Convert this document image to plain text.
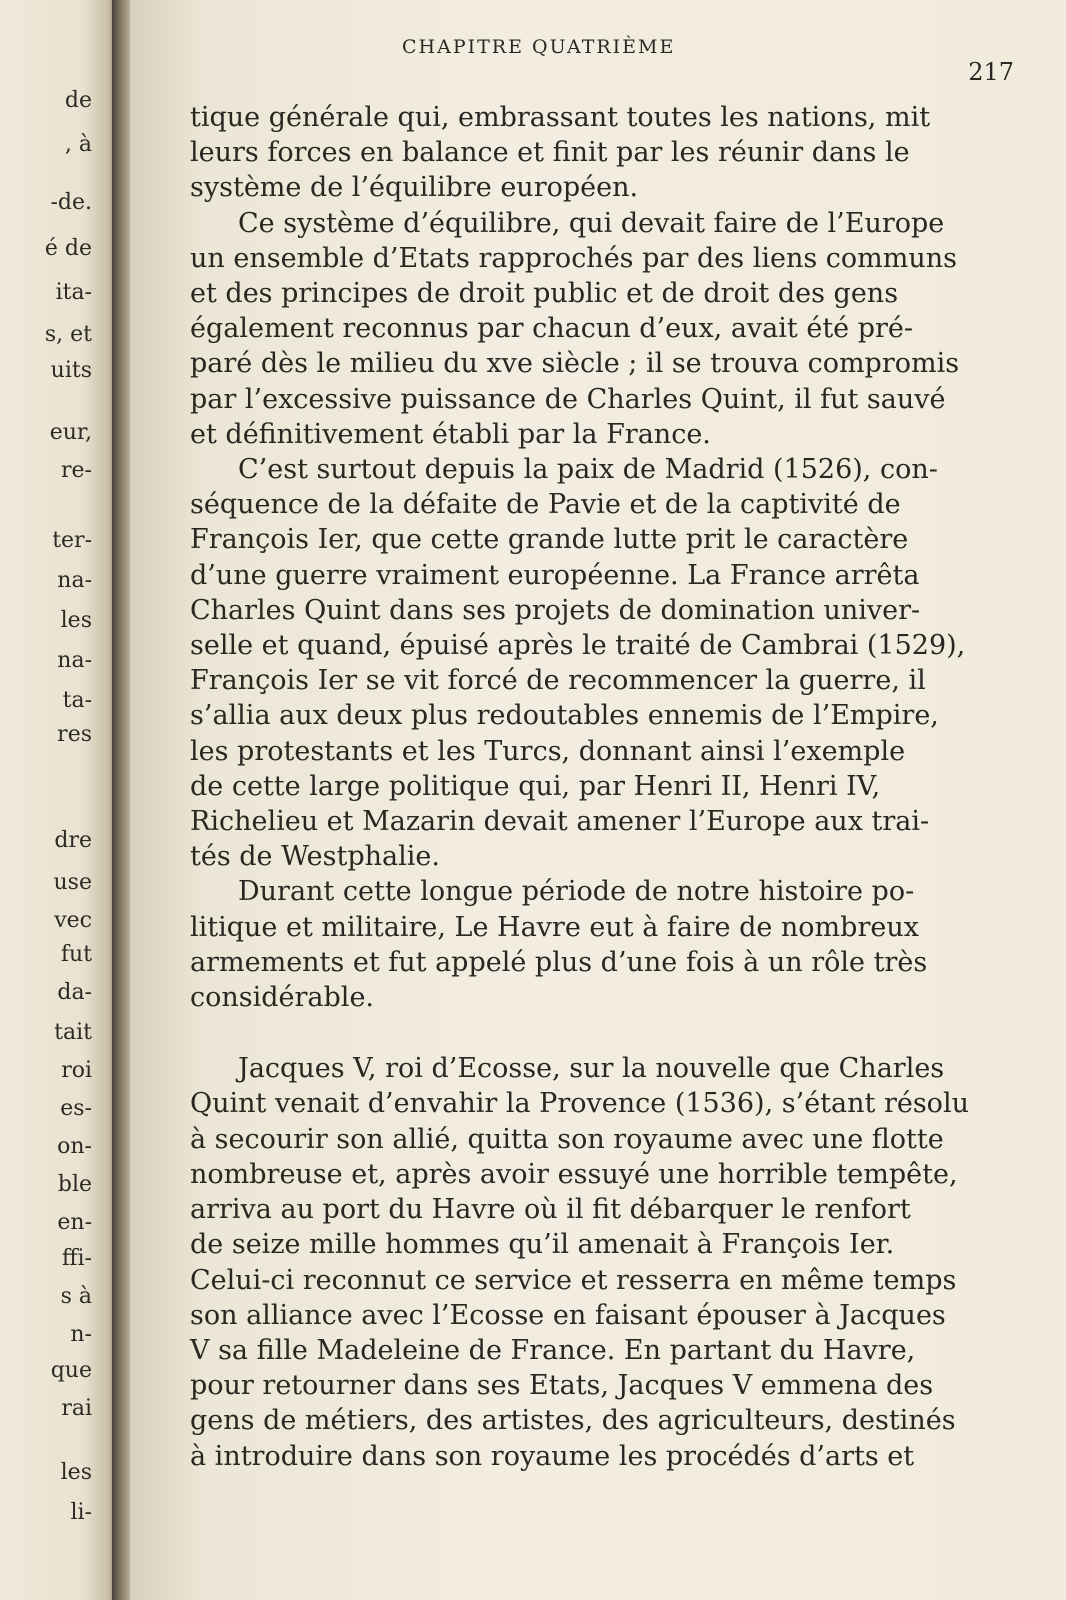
de
, à
-de.
é de
ita-
s, et
uits
eur,
re-
ter-
na-
les
na-
ta-
res
dre
use
vec
fut
da-
tait
roi
es-
on-
ble
en-
ffi-
s à
n-
que
rai
les
li-
CHAPITRE QUATRIÈME
217
tique générale qui, embrassant toutes les nations, mit
leurs forces en balance et finit par les réunir dans le
système de l’équilibre européen.
Ce système d’équilibre, qui devait faire de l’Europe
un ensemble d’Etats rapprochés par des liens communs
et des principes de droit public et de droit des gens
également reconnus par chacun d’eux, avait été pré-
paré dès le milieu du xve siècle ; il se trouva compromis
par l’excessive puissance de Charles Quint, il fut sauvé
et définitivement établi par la France.
C’est surtout depuis la paix de Madrid (1526), con-
séquence de la défaite de Pavie et de la captivité de
François Ier, que cette grande lutte prit le caractère
d’une guerre vraiment européenne. La France arrêta
Charles Quint dans ses projets de domination univer-
selle et quand, épuisé après le traité de Cambrai (1529),
François Ier se vit forcé de recommencer la guerre, il
s’allia aux deux plus redoutables ennemis de l’Empire,
les protestants et les Turcs, donnant ainsi l’exemple
de cette large politique qui, par Henri II, Henri IV,
Richelieu et Mazarin devait amener l’Europe aux trai-
tés de Westphalie.
Durant cette longue période de notre histoire po-
litique et militaire, Le Havre eut à faire de nombreux
armements et fut appelé plus d’une fois à un rôle très
considérable.
Jacques V, roi d’Ecosse, sur la nouvelle que Charles
Quint venait d’envahir la Provence (1536), s’étant résolu
à secourir son allié, quitta son royaume avec une flotte
nombreuse et, après avoir essuyé une horrible tempête,
arriva au port du Havre où il fit débarquer le renfort
de seize mille hommes qu’il amenait à François Ier.
Celui-ci reconnut ce service et resserra en même temps
son alliance avec l’Ecosse en faisant épouser à Jacques
V sa fille Madeleine de France. En partant du Havre,
pour retourner dans ses Etats, Jacques V emmena des
gens de métiers, des artistes, des agriculteurs, destinés
à introduire dans son royaume les procédés d’arts et
